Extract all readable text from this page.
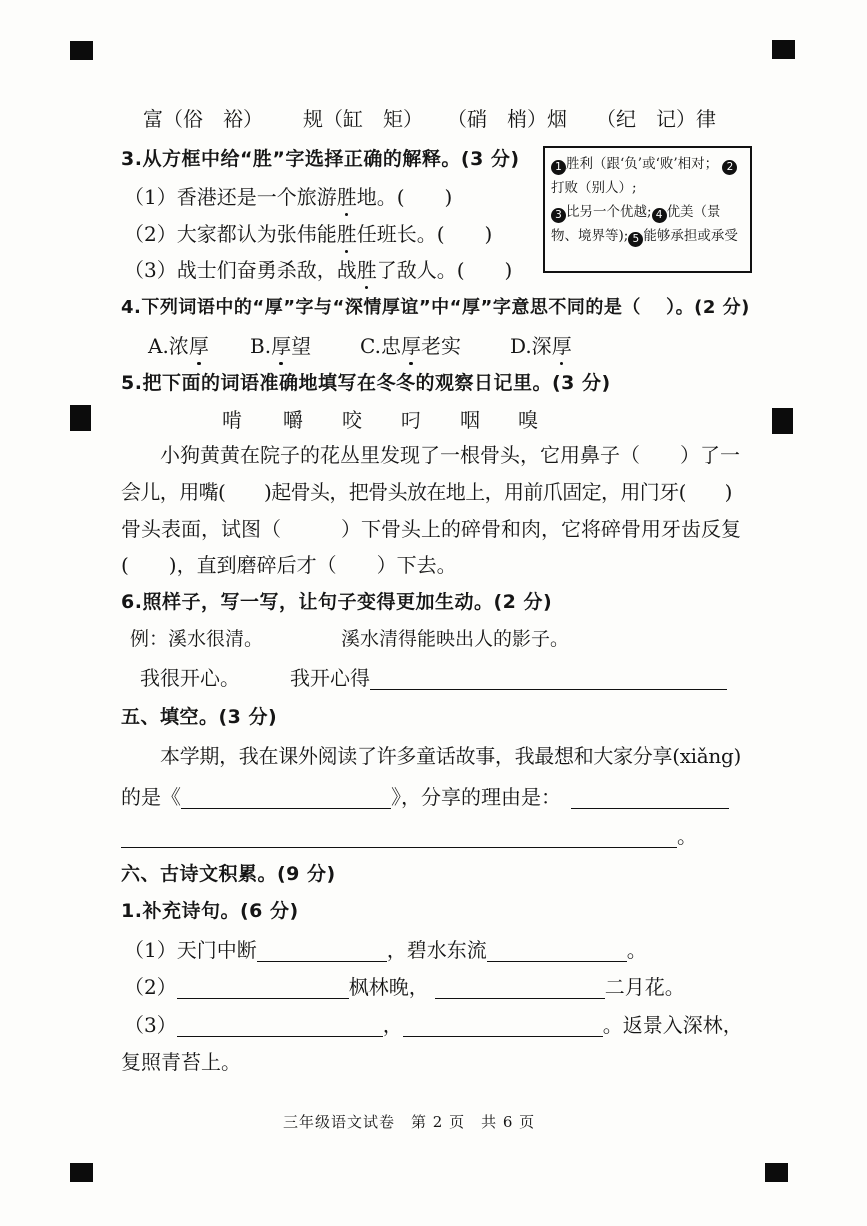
富（俗　裕） 规（缸　矩） （硝　梢）烟 （纪　记）律
3.从方框中给“胜”字选择正确的解释。(3 分)
（1）香港还是一个旅游胜地。(　　)
（2）大家都认为张伟能胜任班长。(　　)
（3）战士们奋勇杀敌，战胜了敌人。(　　)
1 胜利（跟‘负’或‘败’相对； 2打败（别人）;
3 比另一个优越; 4 优美（景物、境界等); 5 能够承担或承受
4.下列词语中的“厚”字与“深情厚谊”中“厚”字意思不同的是（　 ）。(2 分)
A.浓厚 B.厚望 C.忠厚老实 D.深厚
5.把下面的词语准确地填写在冬冬的观察日记里。(3 分)
啃 嚼 咬 叼 咽 嗅
小狗黄黄在院子的花丛里发现了一根骨头，它用鼻子（　　）了一
会儿，用嘴(　　)起骨头，把骨头放在地上，用前爪固定，用门牙(　　)
骨头表面，试图（　　　）下骨头上的碎骨和肉，它将碎骨用牙齿反复
(　　)，直到磨碎后才（　　）下去。
6.照样子，写一写，让句子变得更加生动。(2 分)
例：溪水很清。	溪水清得能映出人的影子。
我很开心。	我开心得
五、填空。(3 分)
本学期，我在课外阅读了许多童话故事，我最想和大家分享(xiǎng)
的是《	》，分享的理由是：
。
六、古诗文积累。(9 分)
1.补充诗句。(6 分)
（1）天门中断	，碧水东流	。
（2）	枫林晚，	二月花。
（3）	，	。返景入深林，
复照青苔上。
三年级语文试卷　第 2 页　共 6 页
